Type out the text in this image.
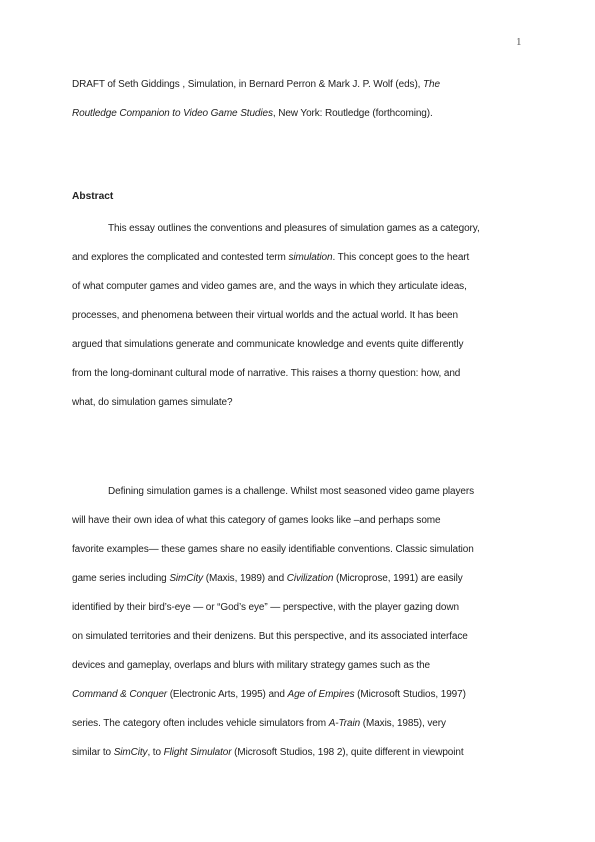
1
DRAFT of Seth Giddings , Simulation, in Bernard Perron & Mark J. P. Wolf (eds), The
Routledge Companion to Video Game Studies, New York: Routledge (forthcoming).
Abstract
This essay outlines the conventions and pleasures of simulation games as a category,
and explores the complicated and contested term simulation. This concept goes to the heart
of what computer games and video games are, and the ways in which they articulate ideas,
processes, and phenomena between their virtual worlds and the actual world. It has been
argued that simulations generate and communicate knowledge and events quite differently
from the long-dominant cultural mode of narrative. This raises a thorny question: how, and
what, do simulation games simulate?
Defining simulation games is a challenge. Whilst most seasoned video game players
will have their own idea of what this category of games looks like –and perhaps some
favorite examples— these games share no easily identifiable conventions. Classic simulation
game series including SimCity (Maxis, 1989) and Civilization (Microprose, 1991) are easily
identified by their bird’s-eye — or “God’s eye” — perspective, with the player gazing down
on simulated territories and their denizens. But this perspective, and its associated interface
devices and gameplay, overlaps and blurs with military strategy games such as the
Command & Conquer (Electronic Arts, 1995) and Age of Empires (Microsoft Studios, 1997)
series. The category often includes vehicle simulators from A-Train (Maxis, 1985), very
similar to SimCity, to Flight Simulator (Microsoft Studios, 198 2), quite different in viewpoint
